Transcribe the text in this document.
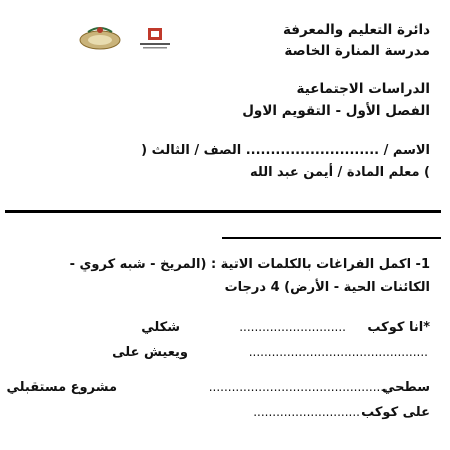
دائرة التعليم والمعرفة
مدرسة المنارة الخاصة
الدراسات الاجتماعية
الفصل الأول - التقويم الاول
الاسم / ........................... الصف / الثالث (
) معلم المادة / أيمن عبد الله
1- اكمل الفراغات بالكلمات الاتية : (المريخ - شبه كروي -
الكائنات الحية - الأرض) 4 درجات
*انا كوكب
............................
شكلي
...............................................
ويعيش على
سطحي
...............................................
مشروع مستقبلي
على كوكب
............................
